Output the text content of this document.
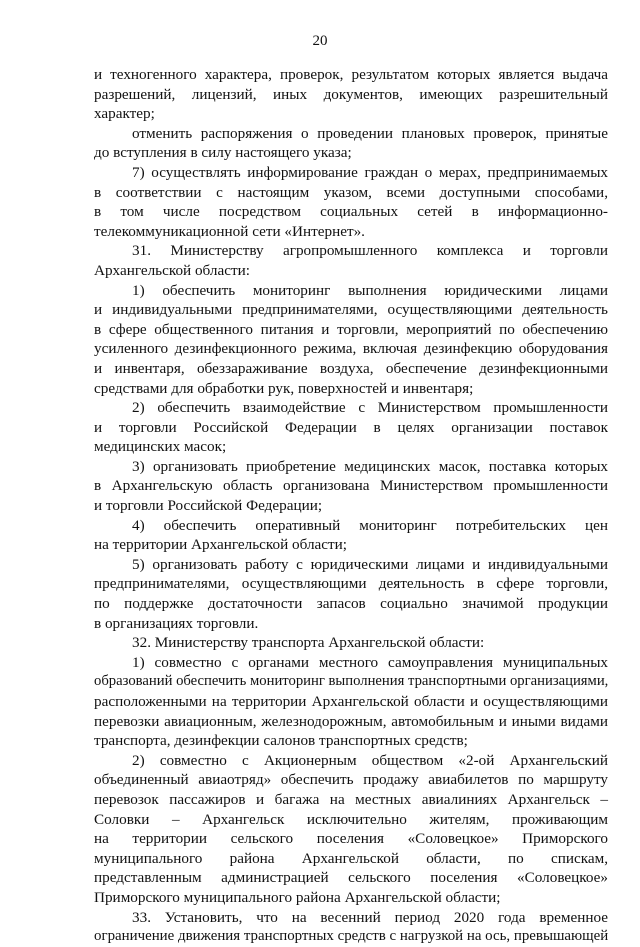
20
и техногенного характера, проверок, результатом которых является выдача
разрешений, лицензий, иных документов, имеющих разрешительный
характер;
отменить распоряжения о проведении плановых проверок, принятые
до вступления в силу настоящего указа;
7) осуществлять информирование граждан о мерах, предпринимаемых
в соответствии с настоящим указом, всеми доступными способами,
в том числе посредством социальных сетей в информационно-
телекоммуникационной сети «Интернет».
31. Министерству агропромышленного комплекса и торговли
Архангельской области:
1) обеспечить мониторинг выполнения юридическими лицами
и индивидуальными предпринимателями, осуществляющими деятельность
в сфере общественного питания и торговли, мероприятий по обеспечению
усиленного дезинфекционного режима, включая дезинфекцию оборудования
и инвентаря, обеззараживание воздуха, обеспечение дезинфекционными
средствами для обработки рук, поверхностей и инвентаря;
2) обеспечить взаимодействие с Министерством промышленности
и торговли Российской Федерации в целях организации поставок
медицинских масок;
3) организовать приобретение медицинских масок, поставка которых
в Архангельскую область организована Министерством промышленности
и торговли Российской Федерации;
4) обеспечить оперативный мониторинг потребительских цен
на территории Архангельской области;
5) организовать работу с юридическими лицами и индивидуальными
предпринимателями, осуществляющими деятельность в сфере торговли,
по поддержке достаточности запасов социально значимой продукции
в организациях торговли.
32. Министерству транспорта Архангельской области:
1) совместно с органами местного самоуправления муниципальных
образований обеспечить мониторинг выполнения транспортными организациями,
расположенными на территории Архангельской области и осуществляющими
перевозки авиационным, железнодорожным, автомобильным и иными видами
транспорта, дезинфекции салонов транспортных средств;
2) совместно с Акционерным обществом «2-ой Архангельский
объединенный авиаотряд» обеспечить продажу авиабилетов по маршруту
перевозок пассажиров и багажа на местных авиалиниях Архангельск –
Соловки – Архангельск исключительно жителям, проживающим
на территории сельского поселения «Соловецкое» Приморского
муниципального района Архангельской области, по спискам,
представленным администрацией сельского поселения «Соловецкое»
Приморского муниципального района Архангельской области;
33. Установить, что на весенний период 2020 года временное
ограничение движения транспортных средств с нагрузкой на ось, превышающей
